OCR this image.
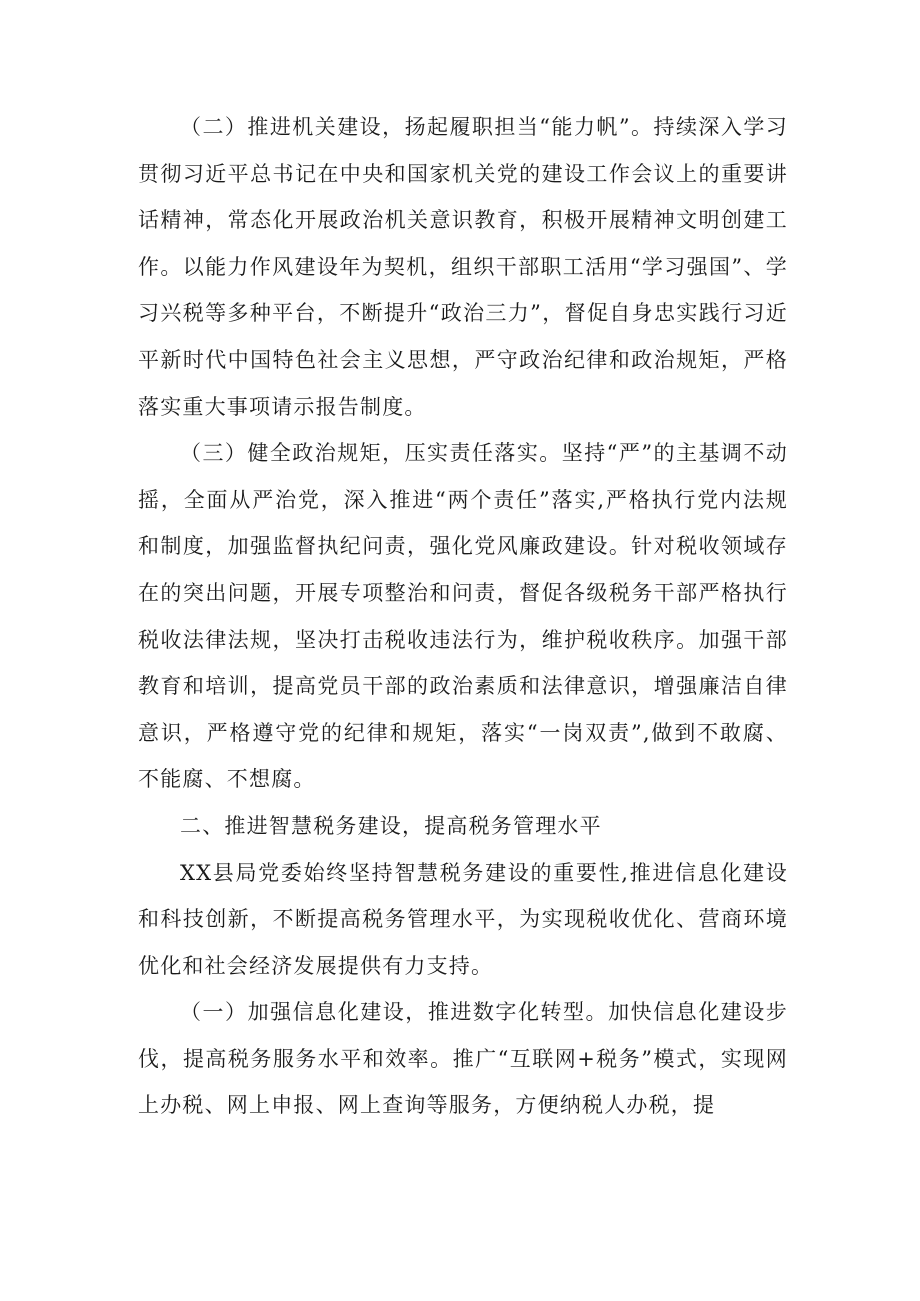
（二）推进机关建设，扬起履职担当“能力帆”。持续深入学习贯彻习近平总书记在中央和国家机关党的建设工作会议上的重要讲话精神，常态化开展政治机关意识教育，积极开展精神文明创建工作。以能力作风建设年为契机，组织干部职工活用“学习强国”、学习兴税等多种平台，不断提升“政治三力”，督促自身忠实践行习近平新时代中国特色社会主义思想，严守政治纪律和政治规矩，严格落实重大事项请示报告制度。

（三）健全政治规矩，压实责任落实。坚持“严”的主基调不动摇，全面从严治党，深入推进“两个责任”落实,严格执行党内法规和制度，加强监督执纪问责，强化党风廉政建设。针对税收领域存在的突出问题，开展专项整治和问责，督促各级税务干部严格执行税收法律法规，坚决打击税收违法行为，维护税收秩序。加强干部教育和培训，提高党员干部的政治素质和法律意识，增强廉洁自律意识，严格遵守党的纪律和规矩，落实“一岗双责”,做到不敢腐、不能腐、不想腐。

二、推进智慧税务建设，提高税务管理水平

XX县局党委始终坚持智慧税务建设的重要性,推进信息化建设和科技创新，不断提高税务管理水平，为实现税收优化、营商环境优化和社会经济发展提供有力支持。

（一）加强信息化建设，推进数字化转型。加快信息化建设步伐，提高税务服务水平和效率。推广“互联网+税务”模式，实现网上办税、网上申报、网上查询等服务，方便纳税人办税，提
